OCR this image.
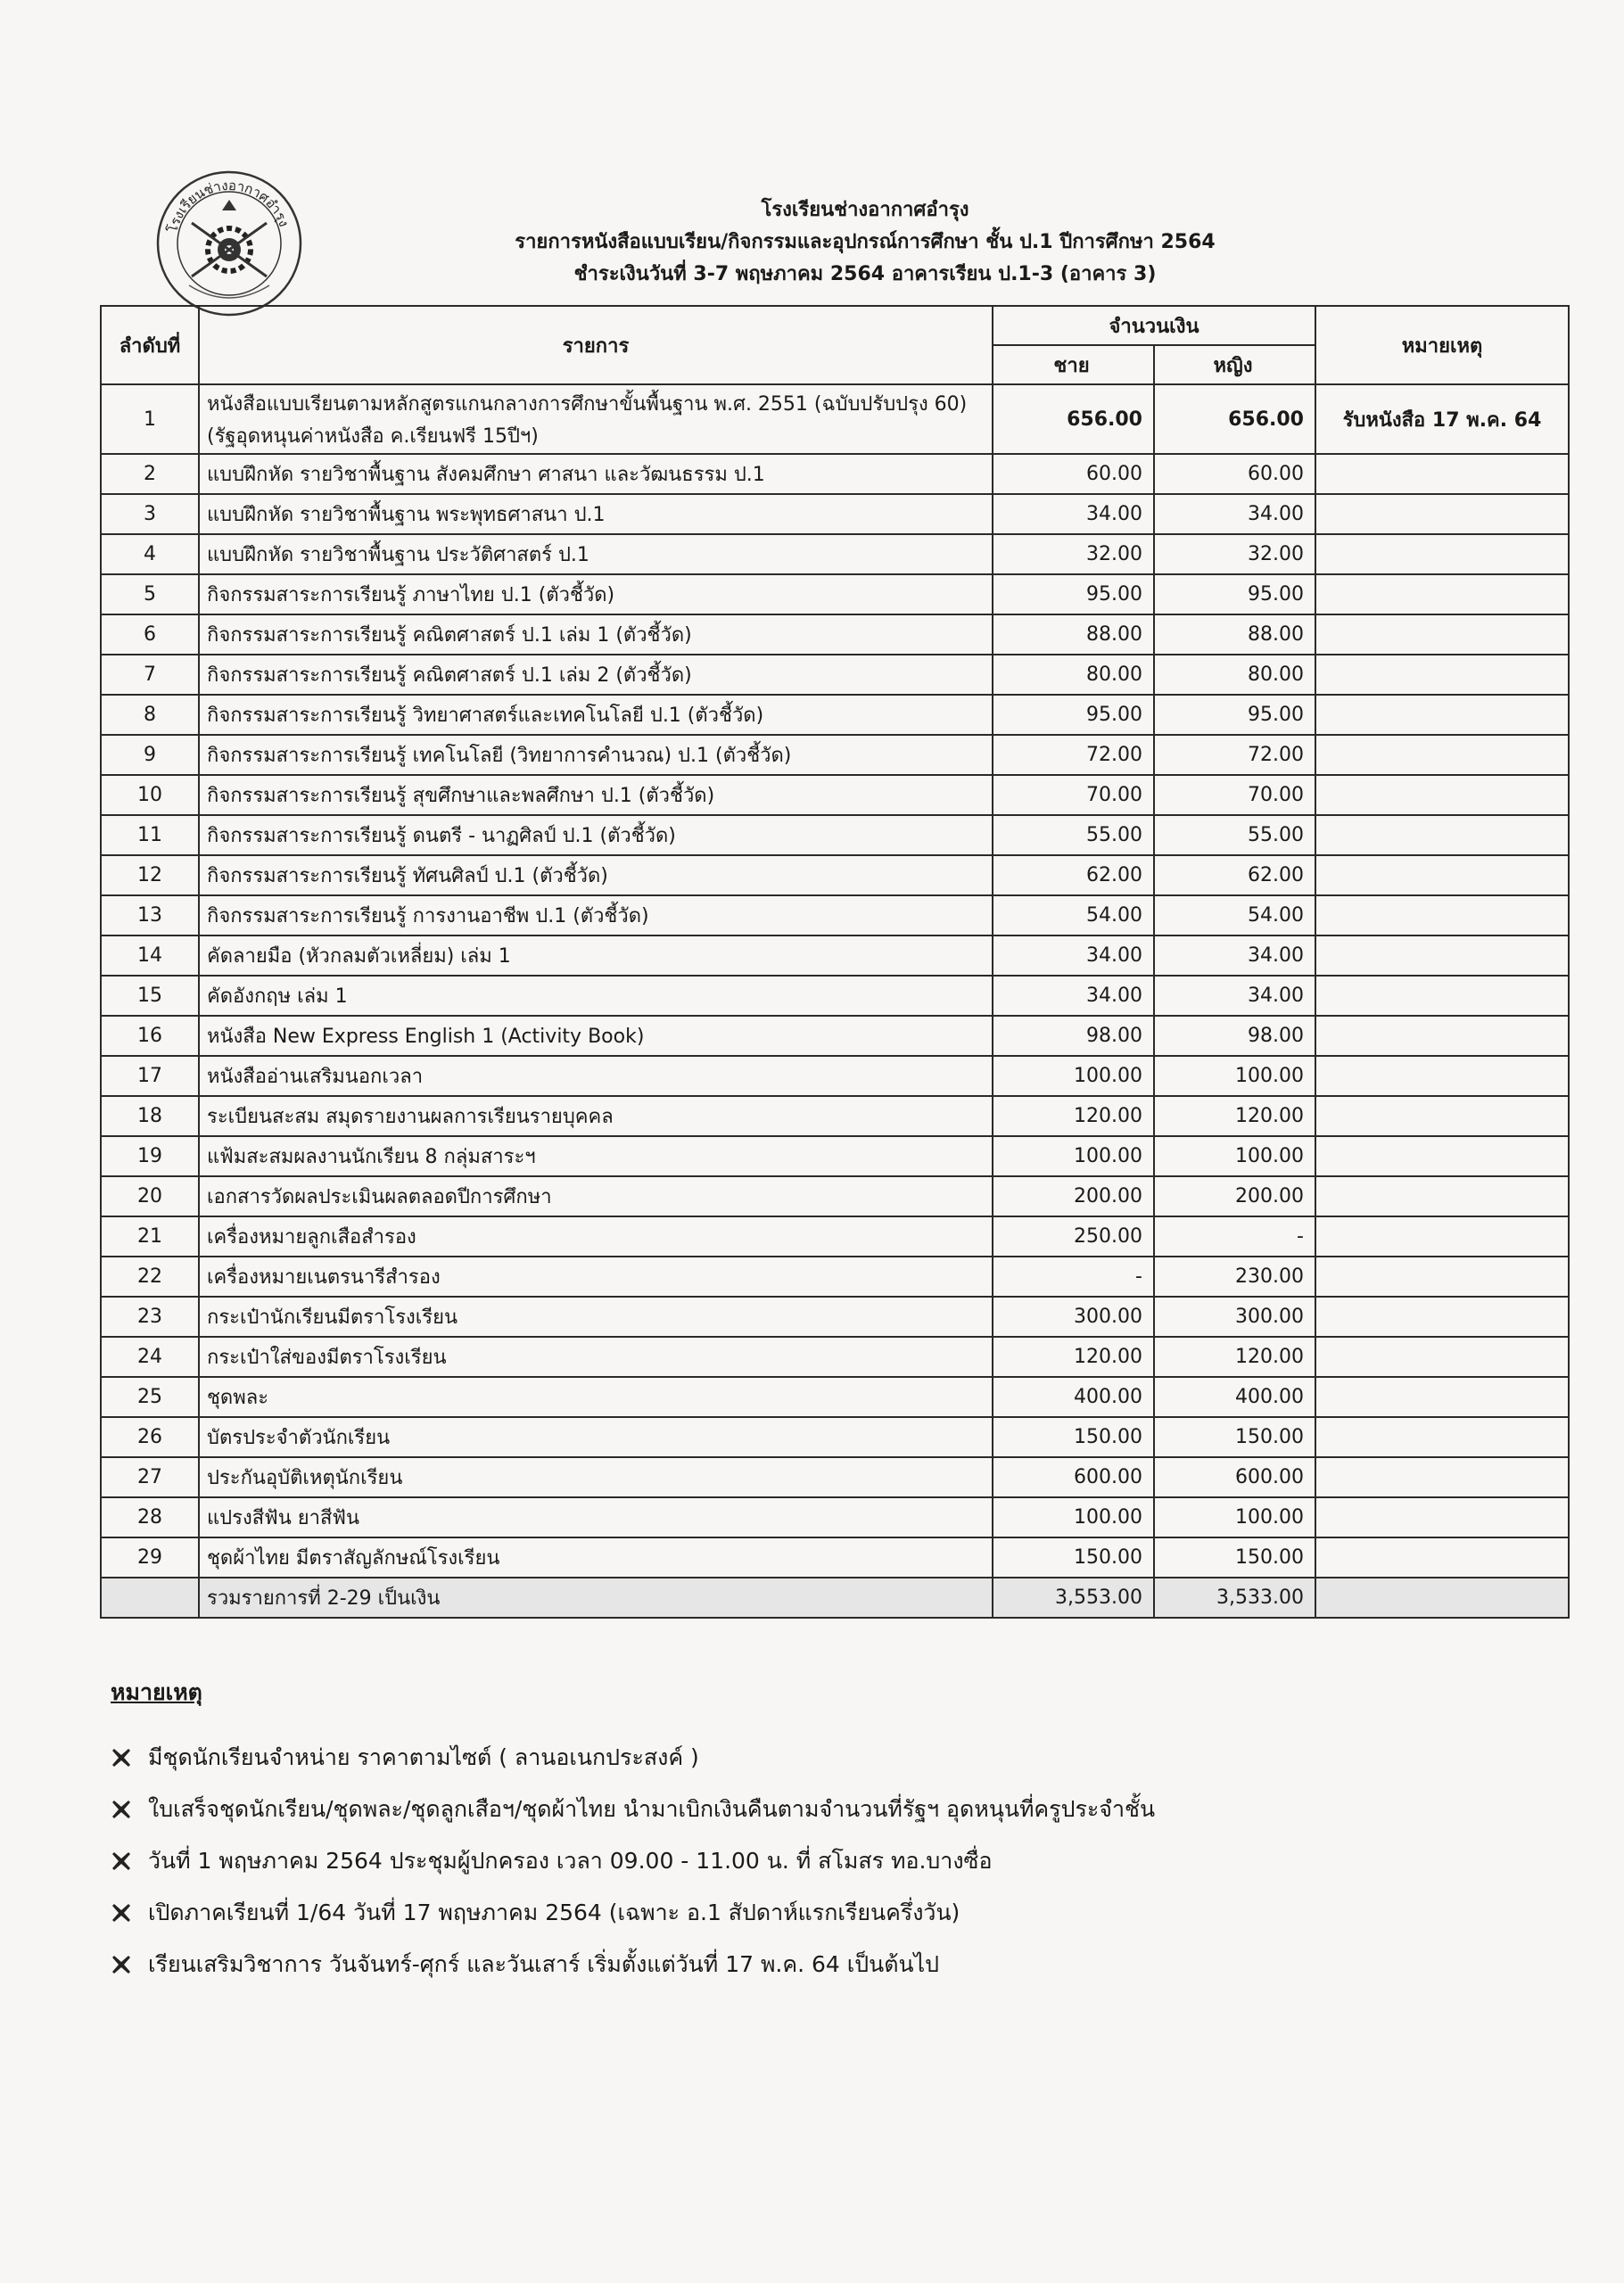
โรงเรียนช่างอากาศอำรุง
โรงเรียนช่างอากาศอำรุง
รายการหนังสือแบบเรียน/กิจกรรมและอุปกรณ์การศึกษา ชั้น ป.1 ปีการศึกษา 2564
ชำระเงินวันที่ 3-7 พฤษภาคม 2564 อาคารเรียน ป.1-3 (อาคาร 3)
ลำดับที่	รายการ	จำนวนเงิน		หมายเหตุ
		ชาย	หญิง	
1	หนังสือแบบเรียนตามหลักสูตรแกนกลางการศึกษาขั้นพื้นฐาน พ.ศ. 2551 (ฉบับปรับปรุง 60)
(รัฐอุดหนุนค่าหนังสือ ค.เรียนฟรี 15ปีฯ)	656.00	656.00	รับหนังสือ 17 พ.ค. 64
2	แบบฝึกหัด รายวิชาพื้นฐาน สังคมศึกษา ศาสนา และวัฒนธรรม ป.1	60.00	60.00	
3	แบบฝึกหัด รายวิชาพื้นฐาน พระพุทธศาสนา ป.1	34.00	34.00	
4	แบบฝึกหัด รายวิชาพื้นฐาน ประวัติศาสตร์ ป.1	32.00	32.00	
5	กิจกรรมสาระการเรียนรู้ ภาษาไทย ป.1 (ตัวชี้วัด)	95.00	95.00	
6	กิจกรรมสาระการเรียนรู้ คณิตศาสตร์ ป.1 เล่ม 1 (ตัวชี้วัด)	88.00	88.00	
7	กิจกรรมสาระการเรียนรู้ คณิตศาสตร์ ป.1 เล่ม 2 (ตัวชี้วัด)	80.00	80.00	
8	กิจกรรมสาระการเรียนรู้ วิทยาศาสตร์และเทคโนโลยี ป.1 (ตัวชี้วัด)	95.00	95.00	
9	กิจกรรมสาระการเรียนรู้ เทคโนโลยี (วิทยาการคำนวณ) ป.1 (ตัวชี้วัด)	72.00	72.00	
10	กิจกรรมสาระการเรียนรู้ สุขศึกษาและพลศึกษา ป.1 (ตัวชี้วัด)	70.00	70.00	
11	กิจกรรมสาระการเรียนรู้ ดนตรี - นาฏศิลป์ ป.1 (ตัวชี้วัด)	55.00	55.00	
12	กิจกรรมสาระการเรียนรู้ ทัศนศิลป์ ป.1 (ตัวชี้วัด)	62.00	62.00	
13	กิจกรรมสาระการเรียนรู้ การงานอาชีพ ป.1 (ตัวชี้วัด)	54.00	54.00	
14	คัดลายมือ (หัวกลมตัวเหลี่ยม) เล่ม 1	34.00	34.00	
15	คัดอังกฤษ เล่ม 1	34.00	34.00	
16	หนังสือ New Express English 1 (Activity Book)	98.00	98.00	
17	หนังสืออ่านเสริมนอกเวลา	100.00	100.00	
18	ระเบียนสะสม สมุดรายงานผลการเรียนรายบุคคล	120.00	120.00	
19	แฟ้มสะสมผลงานนักเรียน 8 กลุ่มสาระฯ	100.00	100.00	
20	เอกสารวัดผลประเมินผลตลอดปีการศึกษา	200.00	200.00	
21	เครื่องหมายลูกเสือสำรอง	250.00	-	
22	เครื่องหมายเนตรนารีสำรอง	-	230.00	
23	กระเป๋านักเรียนมีตราโรงเรียน	300.00	300.00	
24	กระเป๋าใส่ของมีตราโรงเรียน	120.00	120.00	
25	ชุดพละ	400.00	400.00	
26	บัตรประจำตัวนักเรียน	150.00	150.00	
27	ประกันอุบัติเหตุนักเรียน	600.00	600.00	
28	แปรงสีฟัน ยาสีฟัน	100.00	100.00	
29	ชุดผ้าไทย มีตราสัญลักษณ์โรงเรียน	150.00	150.00	
	รวมรายการที่ 2-29 เป็นเงิน	3,553.00	3,533.00	
หมายเหตุ
มีชุดนักเรียนจำหน่าย ราคาตามไซต์ ( ลานอเนกประสงค์ )
ใบเสร็จชุดนักเรียน/ชุดพละ/ชุดลูกเสือฯ/ชุดผ้าไทย นำมาเบิกเงินคืนตามจำนวนที่รัฐฯ อุดหนุนที่ครูประจำชั้น
วันที่ 1 พฤษภาคม 2564 ประชุมผู้ปกครอง เวลา 09.00 - 11.00 น. ที่ สโมสร ทอ.บางซื่อ
เปิดภาคเรียนที่ 1/64 วันที่ 17 พฤษภาคม 2564 (เฉพาะ อ.1 สัปดาห์แรกเรียนครึ่งวัน)
เรียนเสริมวิชาการ วันจันทร์-ศุกร์ และวันเสาร์ เริ่มตั้งแต่วันที่ 17 พ.ค. 64 เป็นต้นไป
